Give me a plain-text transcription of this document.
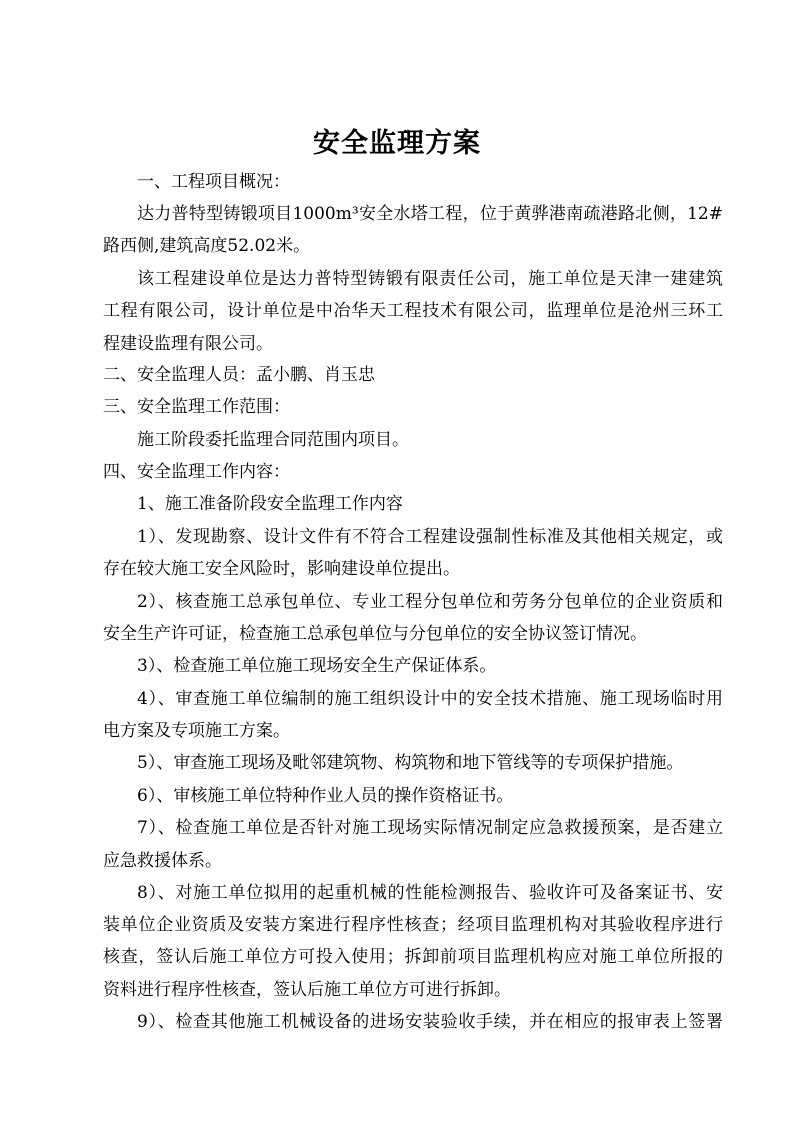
安全监理方案
一、工程项目概况：
达力普特型铸锻项目1000m³安全水塔工程，位于黄骅港南疏港路北侧，12#
路西侧,建筑高度52.02米。
该工程建设单位是达力普特型铸锻有限责任公司，施工单位是天津一建建筑
工程有限公司，设计单位是中冶华天工程技术有限公司，监理单位是沧州三环工
程建设监理有限公司。
二、安全监理人员：孟小鹏、肖玉忠
三、安全监理工作范围：
施工阶段委托监理合同范围内项目。
四、安全监理工作内容：
1、施工准备阶段安全监理工作内容
1）、发现勘察、设计文件有不符合工程建设强制性标准及其他相关规定，或
存在较大施工安全风险时，影响建设单位提出。
2）、核查施工总承包单位、专业工程分包单位和劳务分包单位的企业资质和
安全生产许可证，检查施工总承包单位与分包单位的安全协议签订情况。
3）、检查施工单位施工现场安全生产保证体系。
4）、审查施工单位编制的施工组织设计中的安全技术措施、施工现场临时用
电方案及专项施工方案。
5）、审查施工现场及毗邻建筑物、构筑物和地下管线等的专项保护措施。
6）、审核施工单位特种作业人员的操作资格证书。
7）、检查施工单位是否针对施工现场实际情况制定应急救援预案，是否建立
应急救援体系。
8）、对施工单位拟用的起重机械的性能检测报告、验收许可及备案证书、安
装单位企业资质及安装方案进行程序性核查；经项目监理机构对其验收程序进行
核查，签认后施工单位方可投入使用；拆卸前项目监理机构应对施工单位所报的
资料进行程序性核查，签认后施工单位方可进行拆卸。
9）、检查其他施工机械设备的进场安装验收手续，并在相应的报审表上签署
